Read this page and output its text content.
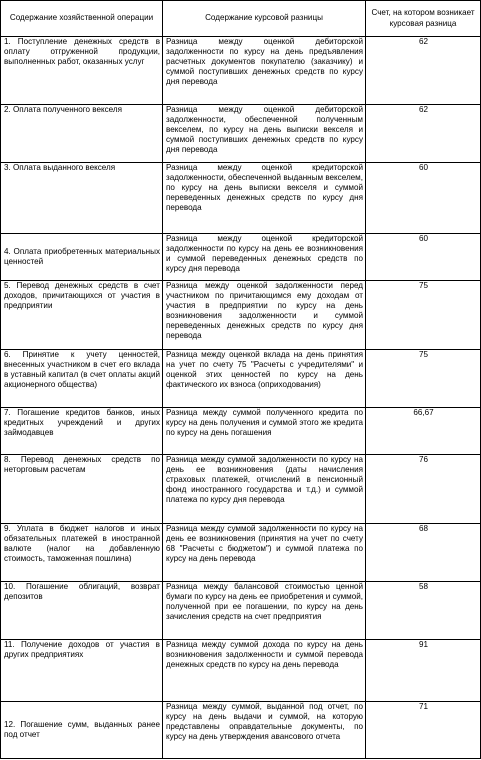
Содержание хозяйственной операции	Содержание курсовой разницы	Счет, на котором возникает курсовая разница
1. Поступление денежных средств в оплату отгруженной продукции, выполненных работ, оказанных услуг	Разница между оценкой дебиторской задолженности по курсу на день предъявления расчетных документов покупателю (заказчику) и суммой поступивших денежных средств по курсу дня перевода	62
2. Оплата полученного векселя	Разница между оценкой дебиторской задолженности, обеспеченной полученным векселем, по курсу на день выписки векселя и суммой поступивших денежных средств по курсу дня перевода	62
3. Оплата выданного векселя	Разница между оценкой кредиторской задолженности, обеспеченной выданным векселем, по курсу на день выписки векселя и суммой переведенных денежных средств по курсу дня перевода	60
4. Оплата приобретенных материальных ценностей	Разница между оценкой кредиторской задолженности по курсу на день ее возникновения и суммой переведенных денежных средств по курсу дня перевода	60
5. Перевод денежных средств в счет доходов, причитающихся от участия в предприятии	Разница между оценкой задолженности перед участником по причитающимся ему доходам от участия в предприятии по курсу на день возникновения задолженности и суммой переведенных денежных средств по курсу дня перевода	75
6. Принятие к учету ценностей, внесенных участником в счет его вклада в уставный капитал (в счет оплаты акций акционерного общества)	Разница между оценкой вклада на день принятия на учет по счету 75 "Расчеты с учредителями" и оценкой этих ценностей по курсу на день фактического их взноса (оприходования)	75
7. Погашение кредитов банков, иных кредитных учреждений и других займодавцев	Разница между суммой полученного кредита по курсу на день получения и суммой этого же кредита по курсу на день погашения	66,67
8. Перевод денежных средств по неторговым расчетам	Разница между суммой задолженности по курсу на день ее возникновения (даты начисления страховых платежей, отчислений в пенсионный фонд иностранного государства и т.д.) и суммой платежа по курсу дня перевода	76
9. Уплата в бюджет налогов и иных обязательных платежей в иностранной валюте (налог на добавленную стоимость, таможенная пошлина)	Разница между суммой задолженности по курсу на день ее возникновения (принятия на учет по счету 68 "Расчеты с бюджетом") и суммой платежа по курсу на день перевода	68
10. Погашение облигаций, возврат депозитов	Разница между балансовой стоимостью ценной бумаги по курсу на день ее приобретения и суммой, полученной при ее погашении, по курсу на день зачисления средств на счет предприятия	58
11. Получение доходов от участия в других предприятиях	Разница между суммой дохода по курсу на день возникновения задолженности и суммой перевода денежных средств по курсу на день перевода	91
12. Погашение сумм, выданных ранее под отчет	Разница между суммой, выданной под отчет, по курсу на день выдачи и суммой, на которую представлены оправдательные документы, по курсу на день утверждения авансового отчета	71
